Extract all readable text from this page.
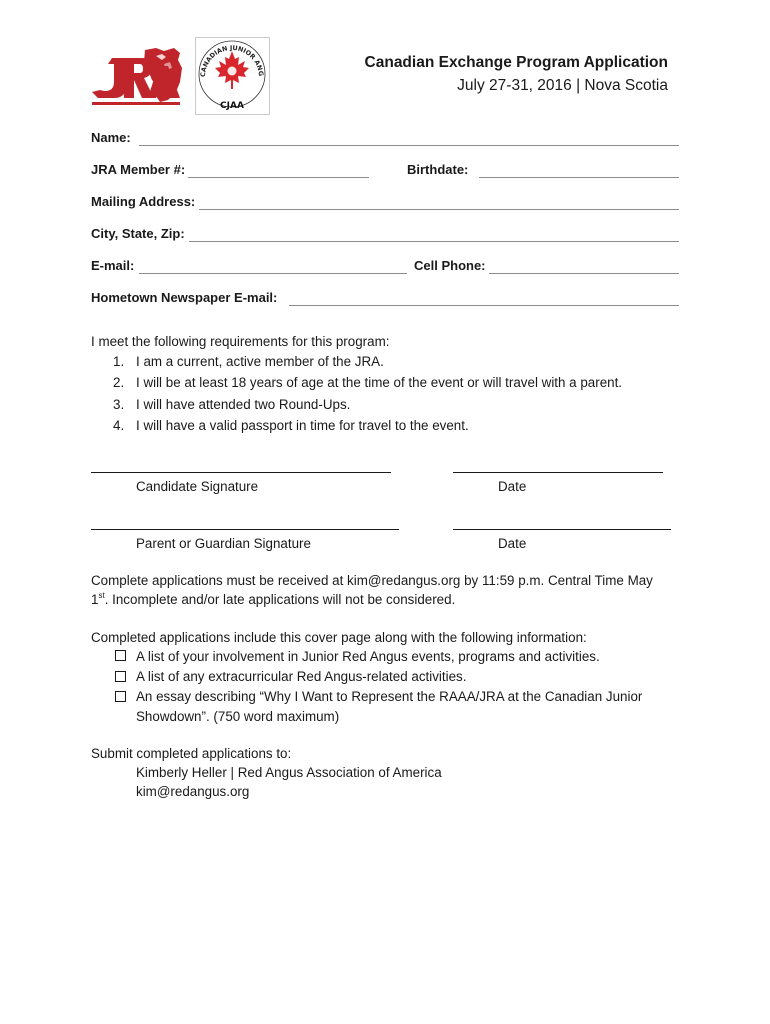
CANADIAN JUNIOR ANG
CJAA
Canadian Exchange Program Application
July 27-31, 2016 | Nova Scotia
Name:
JRA Member #:	Birthdate:
Mailing Address:
City, State, Zip:
E-mail:	Cell Phone:
Hometown Newspaper E-mail:
I meet the following requirements for this program:
1. I am a current, active member of the JRA.
2. I will be at least 18 years of age at the time of the event or will travel with a parent.
3. I will have attended two Round-Ups.
4. I will have a valid passport in time for travel to the event.
Candidate Signature	Date
Parent or Guardian Signature	Date
Complete applications must be received at kim@redangus.org by 11:59 p.m. Central Time May
1st. Incomplete and/or late applications will not be considered.
Completed applications include this cover page along with the following information:
A list of your involvement in Junior Red Angus events, programs and activities.
A list of any extracurricular Red Angus-related activities.
An essay describing “Why I Want to Represent the RAAA/JRA at the Canadian Junior
Showdown”. (750 word maximum)
Submit completed applications to:
Kimberly Heller | Red Angus Association of America
kim@redangus.org
